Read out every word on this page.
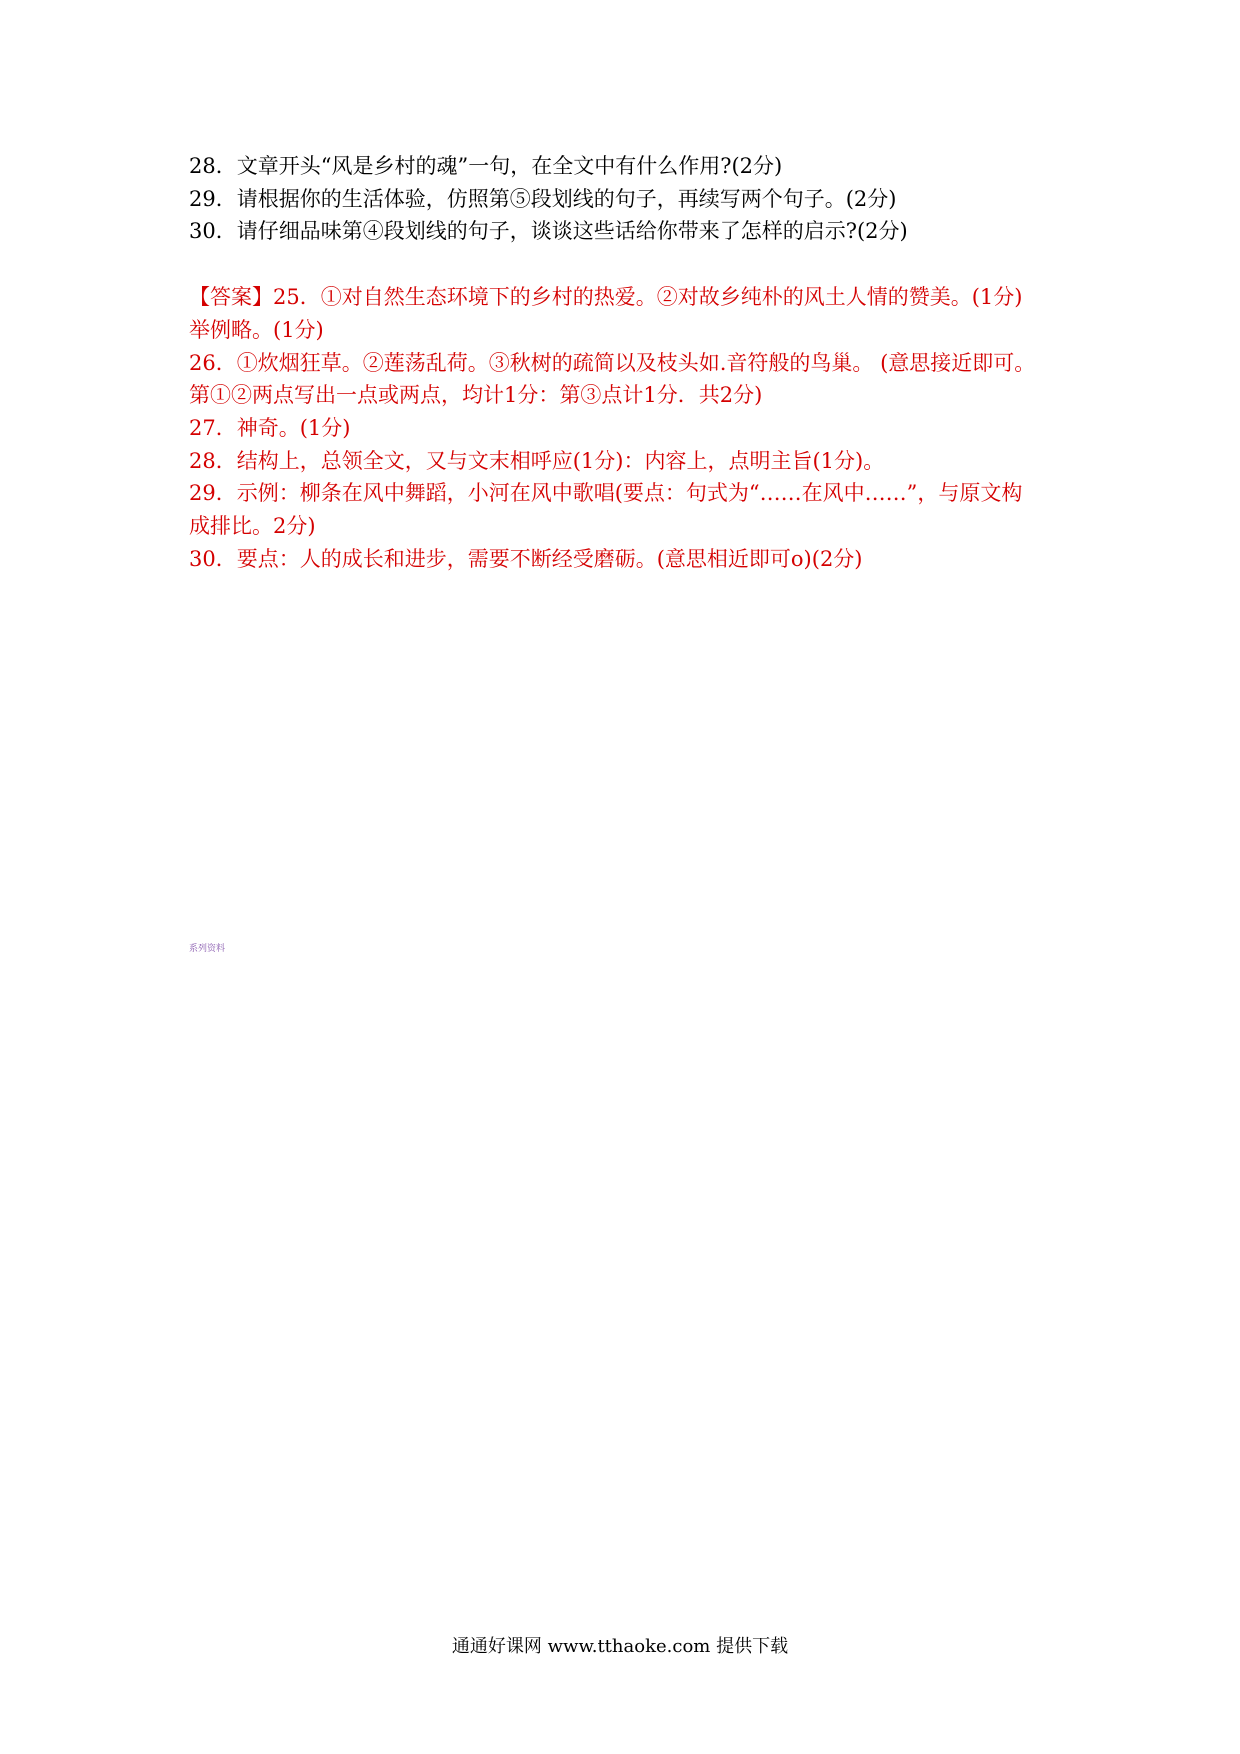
28．文章开头“风是乡村的魂”一句，在全文中有什么作用?(2分)
29．请根据你的生活体验，仿照第⑤段划线的句子，再续写两个句子。(2分)
30．请仔细品味第④段划线的句子，谈谈这些话给你带来了怎样的启示?(2分)
【答案】25．①对自然生态环境下的乡村的热爱。②对故乡纯朴的风土人情的赞美。(1分)
举例略。(1分)
26．①炊烟狂草。②莲荡乱荷。③秋树的疏简以及枝头如.音符般的鸟巢。 (意思接近即可。
第①②两点写出一点或两点，均计1分：第③点计1分．共2分)
27．神奇。(1分)
28．结构上，总领全文，又与文末相呼应(1分)：内容上，点明主旨(1分)。
29．示例：柳条在风中舞蹈，小河在风中歌唱(要点：句式为“……在风中……”，与原文构
成排比。2分)
30．要点：人的成长和进步，需要不断经受磨砺。(意思相近即可o)(2分)
系列资料
通通好课网 www.tthaoke.com 提供下载
